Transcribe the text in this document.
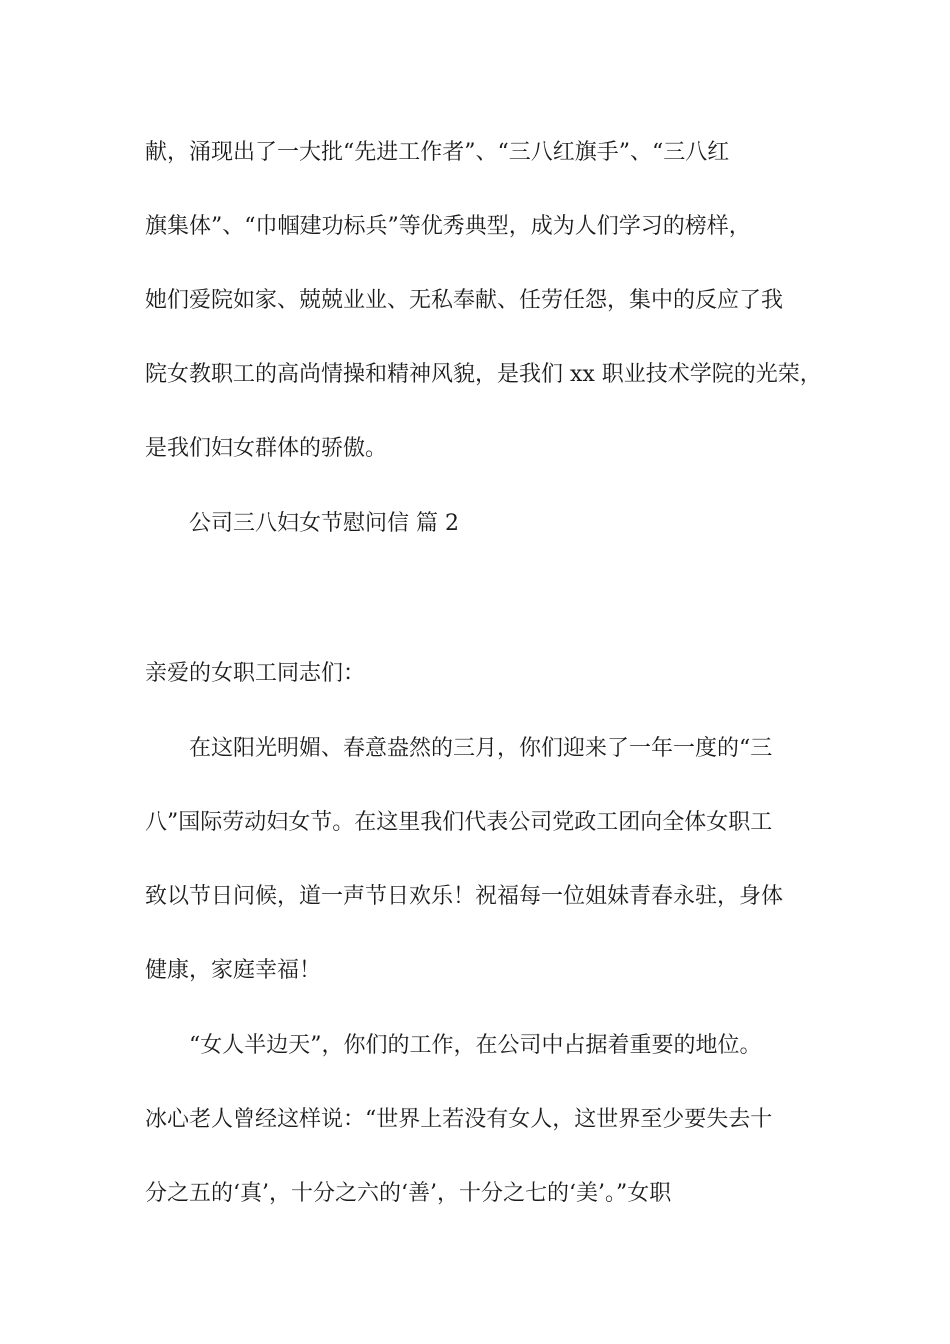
献，涌现出了一大批“先进工作者”、“三八红旗手”、“三八红

旗集体”、“巾帼建功标兵”等优秀典型，成为人们学习的榜样，

她们爱院如家、兢兢业业、无私奉献、任劳任怨，集中的反应了我

院女教职工的高尚情操和精神风貌，是我们 xx 职业技术学院的光荣，

是我们妇女群体的骄傲。

公司三八妇女节慰问信 篇 2

亲爱的女职工同志们：

在这阳光明媚、春意盎然的三月，你们迎来了一年一度的“三

八”国际劳动妇女节。在这里我们代表公司党政工团向全体女职工

致以节日问候，道一声节日欢乐！祝福每一位姐妹青春永驻，身体

健康，家庭幸福！

“女人半边天”，你们的工作，在公司中占据着重要的地位。

冰心老人曾经这样说：“世界上若没有女人，这世界至少要失去十

分之五的‘真’，十分之六的‘善’，十分之七的‘美’。”女职
